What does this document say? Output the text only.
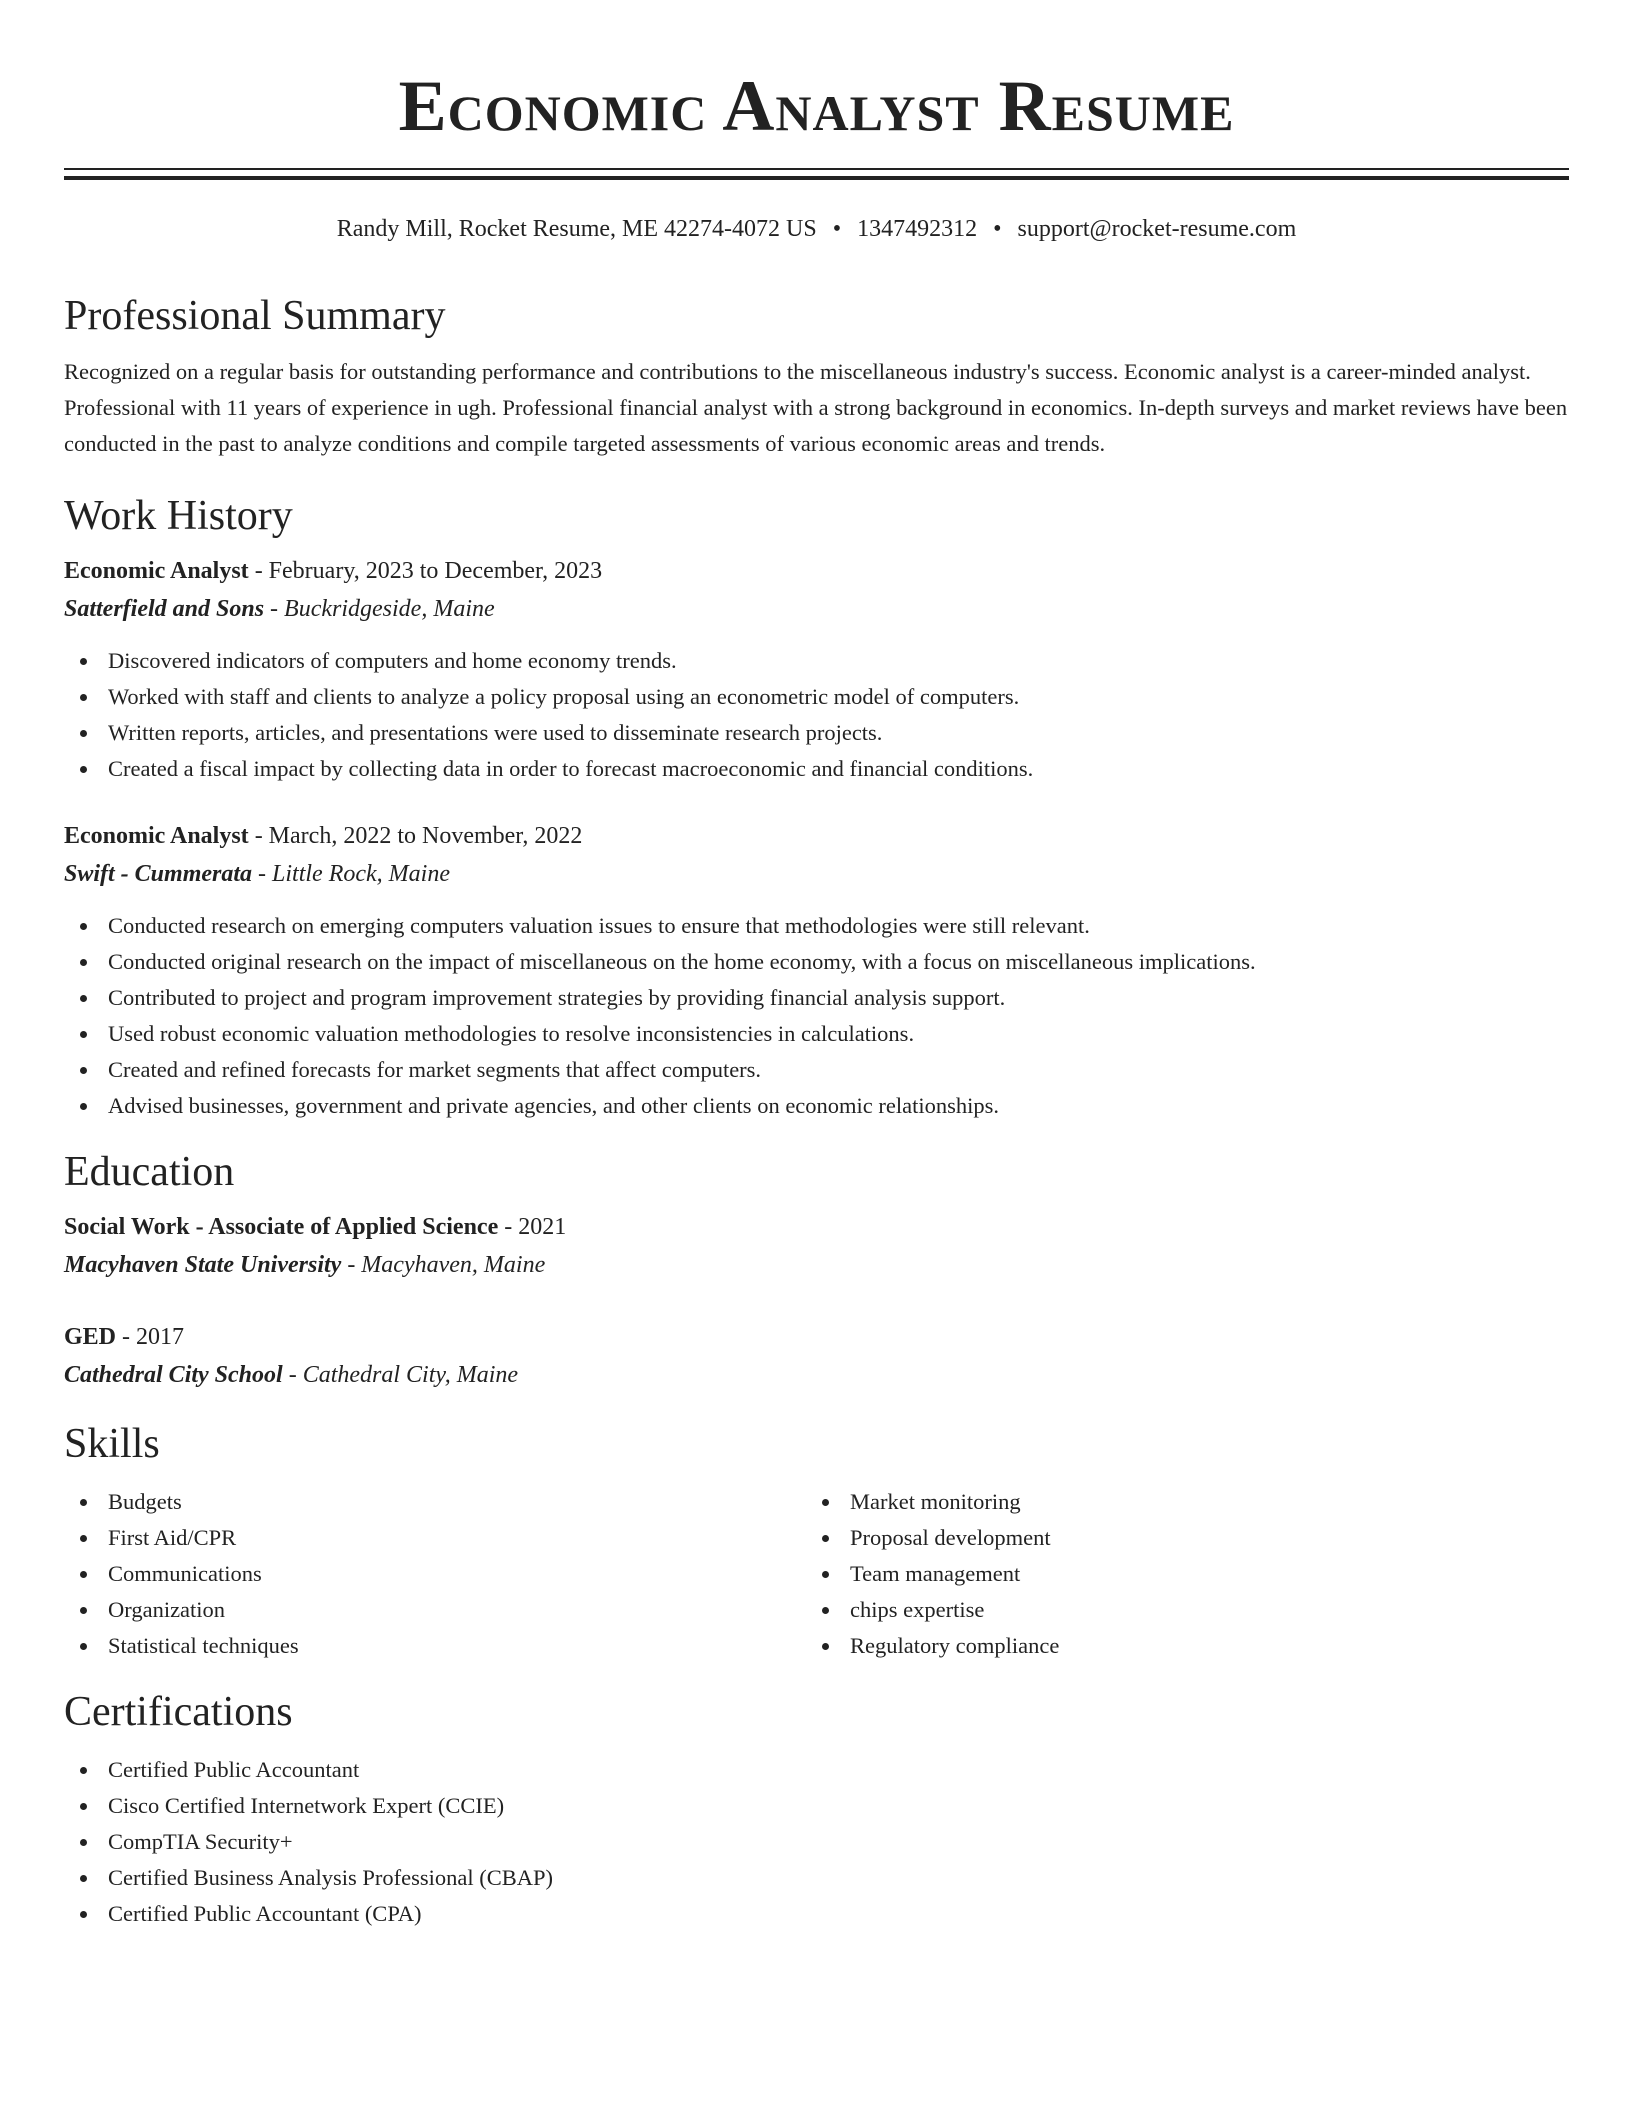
Economic Analyst Resume
Randy Mill, Rocket Resume, ME 42274-4072 US • 1347492312 • support@rocket-resume.com
Professional Summary

Recognized on a regular basis for outstanding performance and contributions to the miscellaneous industry's success. Economic analyst is a career-minded analyst. Professional with 11 years of experience in ugh. Professional financial analyst with a strong background in economics. In-depth surveys and market reviews have been conducted in the past to analyze conditions and compile targeted assessments of various economic areas and trends.

Work History
Economic Analyst - February, 2023 to December, 2023
Satterfield and Sons - Buckridgeside, Maine
Discovered indicators of computers and home economy trends.
Worked with staff and clients to analyze a policy proposal using an econometric model of computers.
Written reports, articles, and presentations were used to disseminate research projects.
Created a fiscal impact by collecting data in order to forecast macroeconomic and financial conditions.
Economic Analyst - March, 2022 to November, 2022
Swift - Cummerata - Little Rock, Maine
Conducted research on emerging computers valuation issues to ensure that methodologies were still relevant.
Conducted original research on the impact of miscellaneous on the home economy, with a focus on miscellaneous implications.
Contributed to project and program improvement strategies by providing financial analysis support.
Used robust economic valuation methodologies to resolve inconsistencies in calculations.
Created and refined forecasts for market segments that affect computers.
Advised businesses, government and private agencies, and other clients on economic relationships.
Education
Social Work - Associate of Applied Science - 2021
Macyhaven State University - Macyhaven, Maine
GED - 2017
Cathedral City School - Cathedral City, Maine
Skills
Budgets
First Aid/CPR
Communications
Organization
Statistical techniques
Market monitoring
Proposal development
Team management
chips expertise
Regulatory compliance
Certifications
Certified Public Accountant
Cisco Certified Internetwork Expert (CCIE)
CompTIA Security+
Certified Business Analysis Professional (CBAP)
Certified Public Accountant (CPA)
